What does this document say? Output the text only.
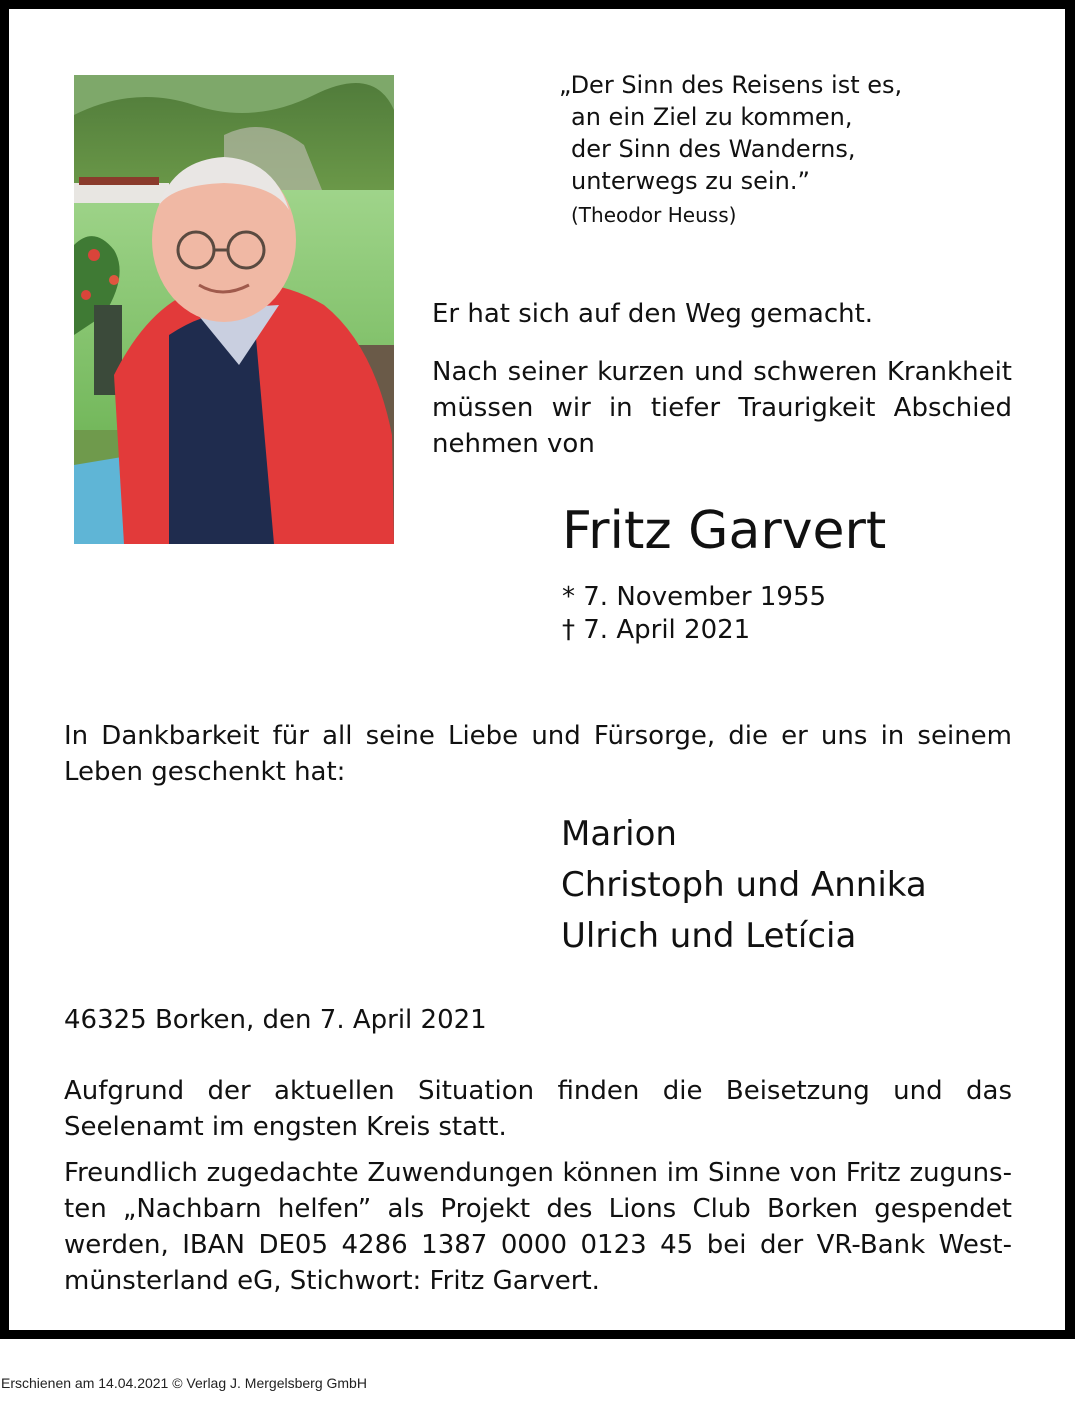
„Der Sinn des Reisens ist es,
an ein Ziel zu kommen,
der Sinn des Wanderns,
unterwegs zu sein.”
(Theodor Heuss)
Er hat sich auf den Weg gemacht.
Nach seiner kurzen und schweren Krankheit müssen wir in tiefer Traurigkeit Abschied nehmen von
Fritz Garvert
* 7. November 1955
† 7. April 2021
In Dankbarkeit für all seine Liebe und Fürsorge, die er uns in seinem Leben geschenkt hat:
Marion
Christoph und Annika
Ulrich und Letícia
46325 Borken, den 7. April 2021
Aufgrund der aktuellen Situation finden die Beisetzung und das Seelenamt im engsten Kreis statt.
Freundlich zugedachte Zuwendungen können im Sinne von Fritz zugunsten „Nachbarn helfen” als Projekt des Lions Club Borken gespendet werden, IBAN DE05 4286 1387 0000 0123 45 bei der VR-Bank Westmünsterland eG, Stichwort: Fritz Garvert.
Erschienen am 14.04.2021 © Verlag J. Mergelsberg GmbH
